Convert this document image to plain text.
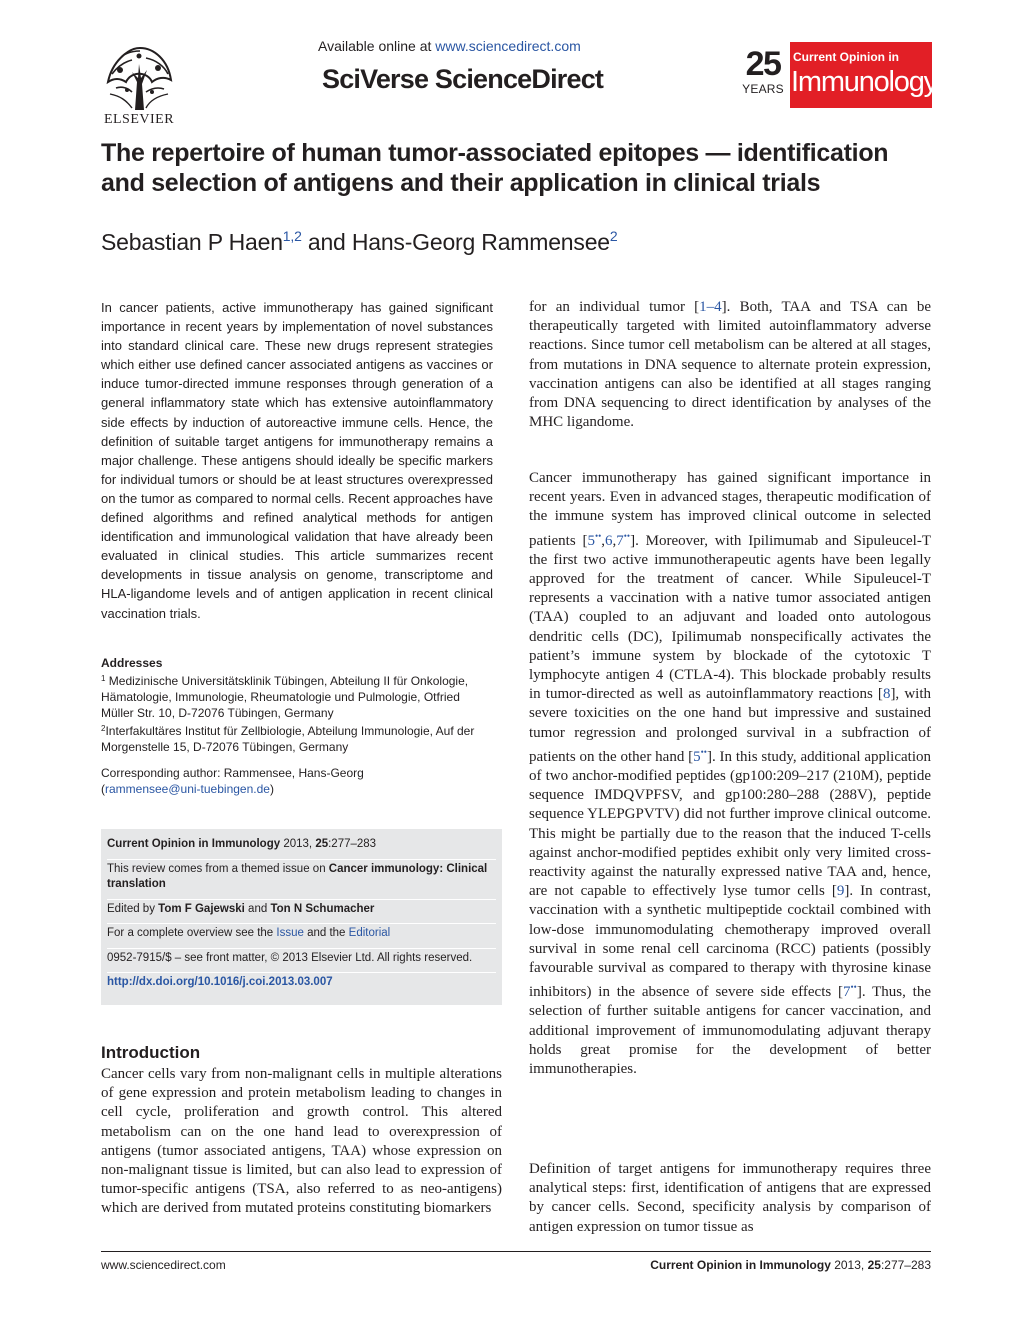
ELSEVIER
Available online at www.sciencedirect.com
SciVerse ScienceDirect	25
YEARS
Current Opinion in
Immunology
The repertoire of human tumor-associated epitopes — identification and selection of antigens and their application in clinical trials
Sebastian P Haen$^{1,2}$ and Hans-Georg Rammensee$^2$

In cancer patients, active immunotherapy has gained significant importance in recent years by implementation of novel substances into standard clinical care. These new drugs represent strategies which either use defined cancer associated antigens as vaccines or induce tumor-directed immune responses through generation of a general inflammatory state which has extensive autoinflammatory side effects by induction of autoreactive immune cells. Hence, the definition of suitable target antigens for immunotherapy remains a major challenge. These antigens should ideally be specific markers for individual tumors or should be at least structures overexpressed on the tumor as compared to normal cells. Recent approaches have defined algorithms and refined analytical methods for antigen identification and immunological validation that have already been evaluated in clinical studies. This article summarizes recent developments in tissue analysis on genome, transcriptome and HLA-ligandome levels and of antigen application in recent clinical vaccination trials.

Addresses
$^1$ Medizinische Universitätsklinik Tübingen, Abteilung II für Onkologie,
Hämatologie, Immunologie, Rheumatologie und Pulmologie, Otfried
Müller Str. 10, D-72076 Tübingen, Germany
$^2$Interfakultäres Institut für Zellbiologie, Abteilung Immunologie, Auf der
Morgenstelle 15, D-72076 Tübingen, Germany
Corresponding author: Rammensee, Hans-Georg
(rammensee@uni-tuebingen.de)

Current Opinion in Immunology 2013, 25:277–283

This review comes from a themed issue on Cancer immunology: Clinical translation

Edited by Tom F Gajewski and Ton N Schumacher

For a complete overview see the Issue and the Editorial

0952-7915/$ – see front matter, © 2013 Elsevier Ltd. All rights reserved.

http://dx.doi.org/10.1016/j.coi.2013.03.007

Introduction

Cancer cells vary from non-malignant cells in multiple alterations of gene expression and protein metabolism leading to changes in cell cycle, proliferation and growth control. This altered metabolism can on the one hand lead to overexpression of antigens (tumor associated antigens, TAA) whose expression on non-malignant tissue is limited, but can also lead to expression of tumor-specific antigens (TSA, also referred to as neo-antigens) which are derived from mutated proteins constituting biomarkers

for an individual tumor [1–4]. Both, TAA and TSA can be therapeutically targeted with limited autoinflammatory adverse reactions. Since tumor cell metabolism can be altered at all stages, from mutations in DNA sequence to alternate protein expression, vaccination antigens can also be identified at all stages ranging from DNA sequencing to direct identification by analyses of the MHC ligandome.

Cancer immunotherapy has gained significant importance in recent years. Even in advanced stages, therapeutic modification of the immune system has improved clinical outcome in selected patients [5••,6,7••]. Moreover, with Ipilimumab and Sipuleucel-T the first two active immunotherapeutic agents have been legally approved for the treatment of cancer. While Sipuleucel-T represents a vaccination with a native tumor associated antigen (TAA) coupled to an adjuvant and loaded onto autologous dendritic cells (DC), Ipilimumab nonspecifically activates the patient’s immune system by blockade of the cytotoxic T lymphocyte antigen 4 (CTLA-4). This blockade probably results in tumor-directed as well as autoinflammatory reactions [8], with severe toxicities on the one hand but impressive and sustained tumor regression and prolonged survival in a subfraction of patients on the other hand [5••]. In this study, additional application of two anchor-modified peptides (gp100:209–217 (210M), peptide sequence IMDQVPFSV, and gp100:280–288 (288V), peptide sequence YLEPGPVTV) did not further improve clinical outcome. This might be partially due to the reason that the induced T-cells against anchor-modified peptides exhibit only very limited cross-reactivity against the naturally expressed native TAA and, hence, are not capable to effectively lyse tumor cells [9]. In contrast, vaccination with a synthetic multipeptide cocktail combined with low-dose immunomodulating chemotherapy improved overall survival in some renal cell carcinoma (RCC) patients (possibly favourable survival as compared to therapy with thyrosine kinase inhibitors) in the absence of severe side effects [7••]. Thus, the selection of further suitable antigens for cancer vaccination, and additional improvement of immunomodulating adjuvant therapy holds great promise for the development of better immunotherapies.

Definition of target antigens for immunotherapy requires three analytical steps: first, identification of antigens that are expressed by cancer cells. Second, specificity analysis by comparison of antigen expression on tumor tissue as

www.sciencedirect.com	Current Opinion in Immunology 2013, 25:277–283
